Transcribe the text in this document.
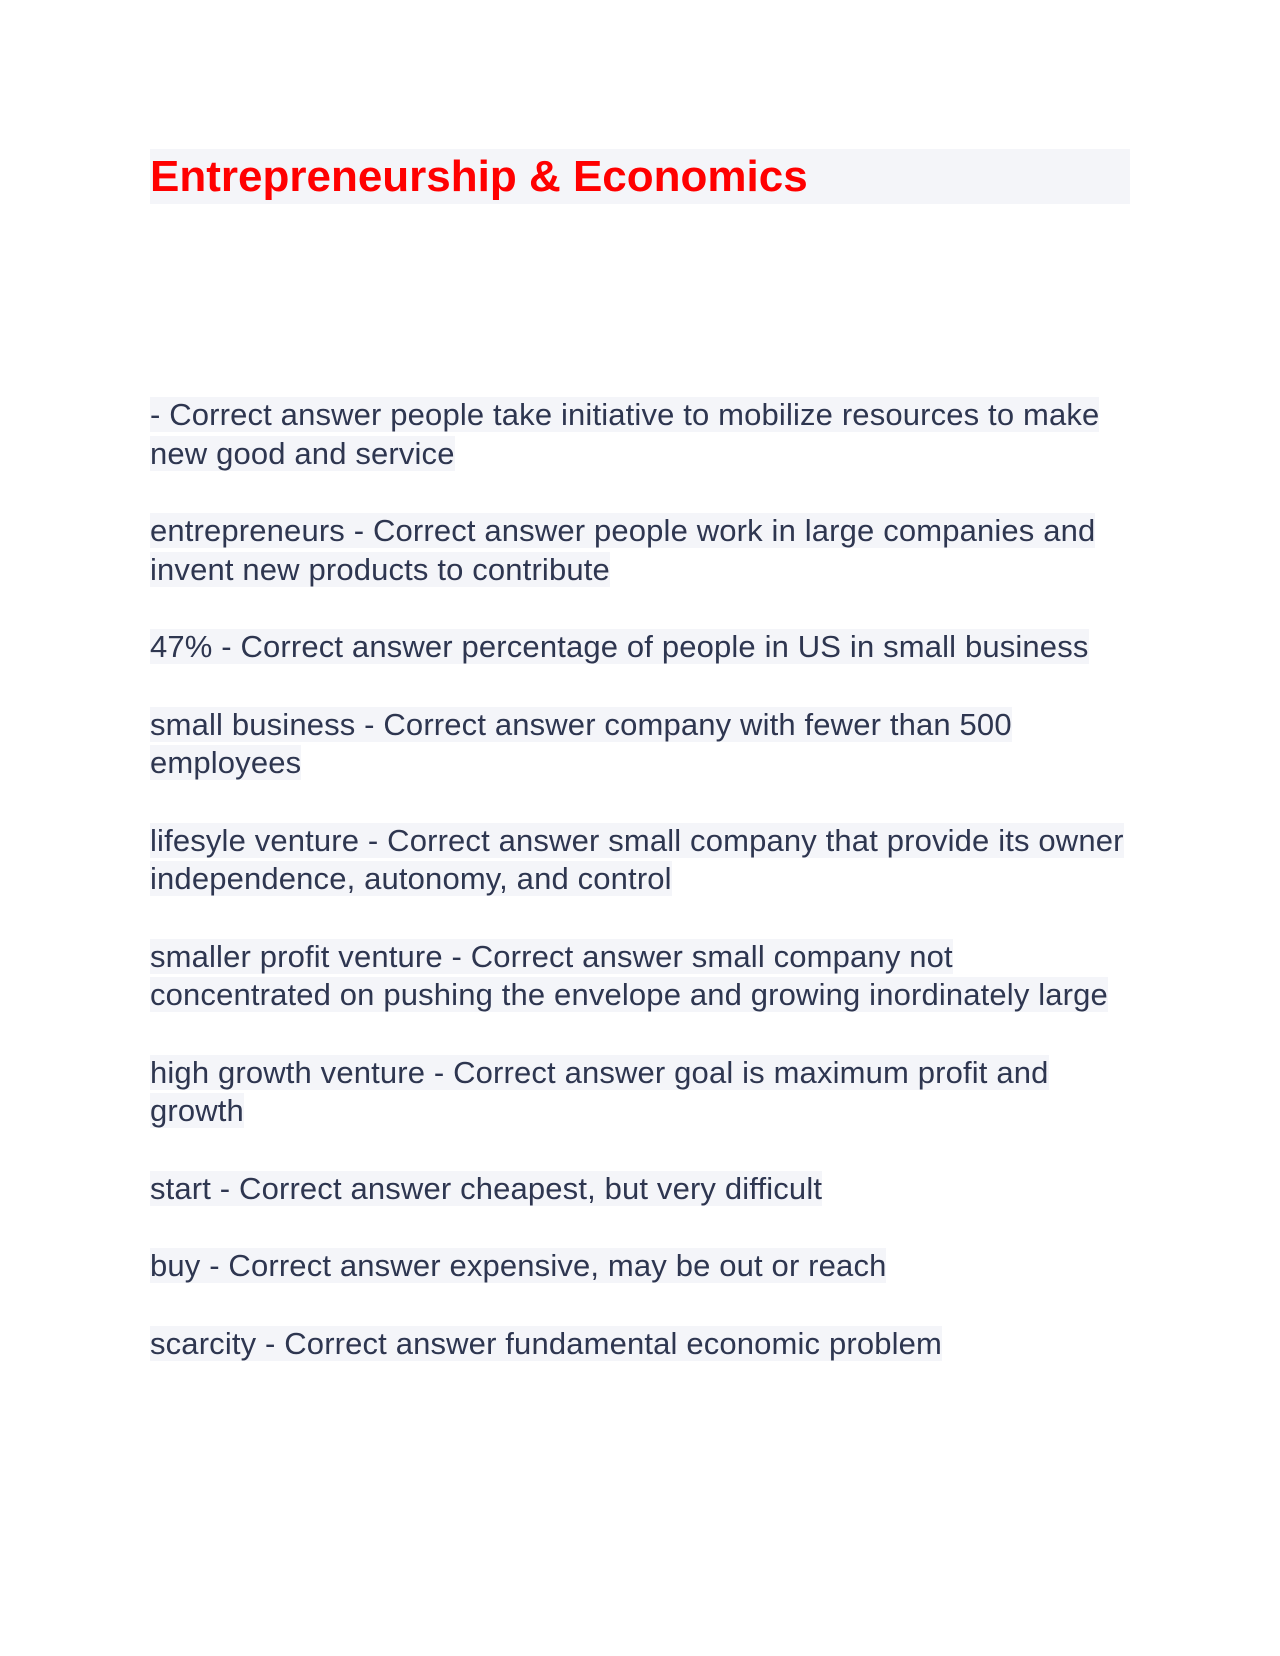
Entrepreneurship & Economics

- Correct answer people take initiative to mobilize resources to make new good and service

entrepreneurs - Correct answer people work in large companies and invent new products to contribute

47% - Correct answer percentage of people in US in small business

small business - Correct answer company with fewer than 500 employees

lifesyle venture - Correct answer small company that provide its owner independence, autonomy, and control

smaller profit venture - Correct answer small company not concentrated on pushing the envelope and growing inordinately large

high growth venture - Correct answer goal is maximum profit and growth

start - Correct answer cheapest, but very difficult

buy - Correct answer expensive, may be out or reach

scarcity - Correct answer fundamental economic problem
